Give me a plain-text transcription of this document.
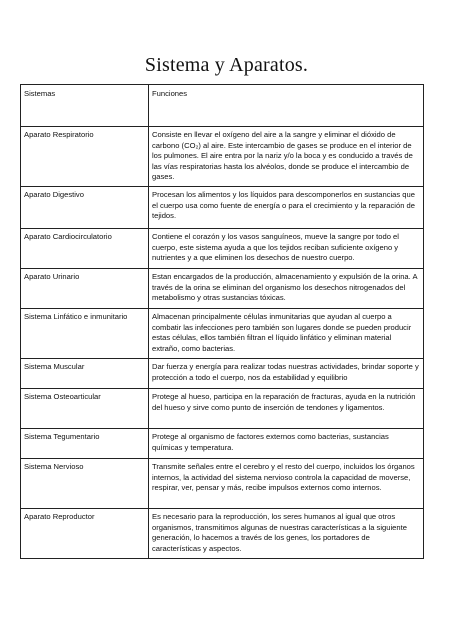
Sistema y Aparatos.
Sistemas	Funciones
Aparato Respiratorio	Consiste en llevar el oxígeno del aire a la sangre y eliminar el dióxido de carbono (CO₂) al aire. Este intercambio de gases se produce en el interior de los pulmones. El aire entra por la nariz y/o la boca y es conducido a través de las vías respiratorias hasta los alvéolos, donde se produce el intercambio de gases.
Aparato Digestivo	Procesan los alimentos y los líquidos para descomponerlos en sustancias que el cuerpo usa como fuente de energía o para el crecimiento y la reparación de tejidos.
Aparato Cardiocirculatorio	Contiene el corazón y los vasos sanguíneos, mueve la sangre por todo el cuerpo, este sistema ayuda a que los tejidos reciban suficiente oxígeno y nutrientes y a que eliminen los desechos de nuestro cuerpo.
Aparato Urinario	Estan encargados de la producción, almacenamiento y expulsión de la orina. A través de la orina se eliminan del organismo los desechos nitrogenados del metabolismo y otras sustancias tóxicas.
Sistema Linfático e inmunitario	Almacenan principalmente células inmunitarias que ayudan al cuerpo a combatir las infecciones pero también son lugares donde se pueden producir estas células, ellos también filtran el líquido linfático y eliminan material extraño, como bacterias.
Sistema Muscular	Dar fuerza y energía para realizar todas nuestras actividades, brindar soporte y protección a todo el cuerpo, nos da estabilidad y equilibrio
Sistema Osteoarticular	Protege al hueso, participa en la reparación de fracturas, ayuda en la nutrición del hueso y sirve como punto de inserción de tendones y ligamentos.
Sistema Tegumentario	Protege al organismo de factores externos como bacterias, sustancias químicas y temperatura.
Sistema Nervioso	Transmite señales entre el cerebro y el resto del cuerpo, incluidos los órganos internos, la actividad del sistema nervioso controla la capacidad de moverse, respirar, ver, pensar y más, recibe impulsos externos como internos.
Aparato Reproductor	Es necesario para la reproducción, los seres humanos al igual que otros organismos, transmitimos algunas de nuestras características a la siguiente generación, lo hacemos a través de los genes, los portadores de características y aspectos.
